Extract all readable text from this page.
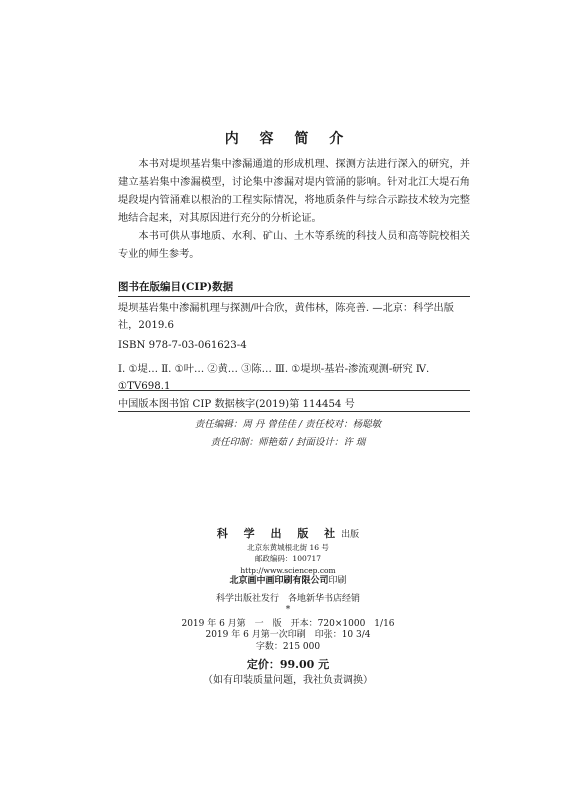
内 容 简 介

本书对堤坝基岩集中渗漏通道的形成机理、探测方法进行深入的研究，并建立基岩集中渗漏模型，讨论集中渗漏对堤内管涌的影响。针对北江大堤石角堤段堤内管涌难以根治的工程实际情况，将地质条件与综合示踪技术较为完整地结合起来，对其原因进行充分的分析论证。

本书可供从事地质、水利、矿山、土木等系统的科技人员和高等院校相关专业的师生参考。

图书在版编目(CIP)数据

堤坝基岩集中渗漏机理与探测/叶合欣，黄伟林，陈亮善. —北京：科学出版社，2019.6

ISBN 978-7-03-061623-4

Ⅰ. ①堤… Ⅱ. ①叶… ②黄… ③陈… Ⅲ. ①堤坝-基岩-渗流观测-研究 Ⅳ. ①TV698.1

中国版本图书馆 CIP 数据核字(2019)第 114454 号
责任编辑：周 丹 曾佳佳 / 责任校对：杨聪敏
责任印制：师艳茹 / 封面设计：许 瑞
科 学 出 版 社出版
北京东黄城根北街 16 号
邮政编码：100717
http://www.sciencep.com
北京画中画印刷有限公司印刷
科学出版社发行　各地新华书店经销
*
2019 年 6 月第　一　版　开本：720×1000　1/16
2019 年 6 月第一次印刷　印张：10 3/4
字数：215 000
定价：99.00 元
（如有印装质量问题，我社负责调换）
